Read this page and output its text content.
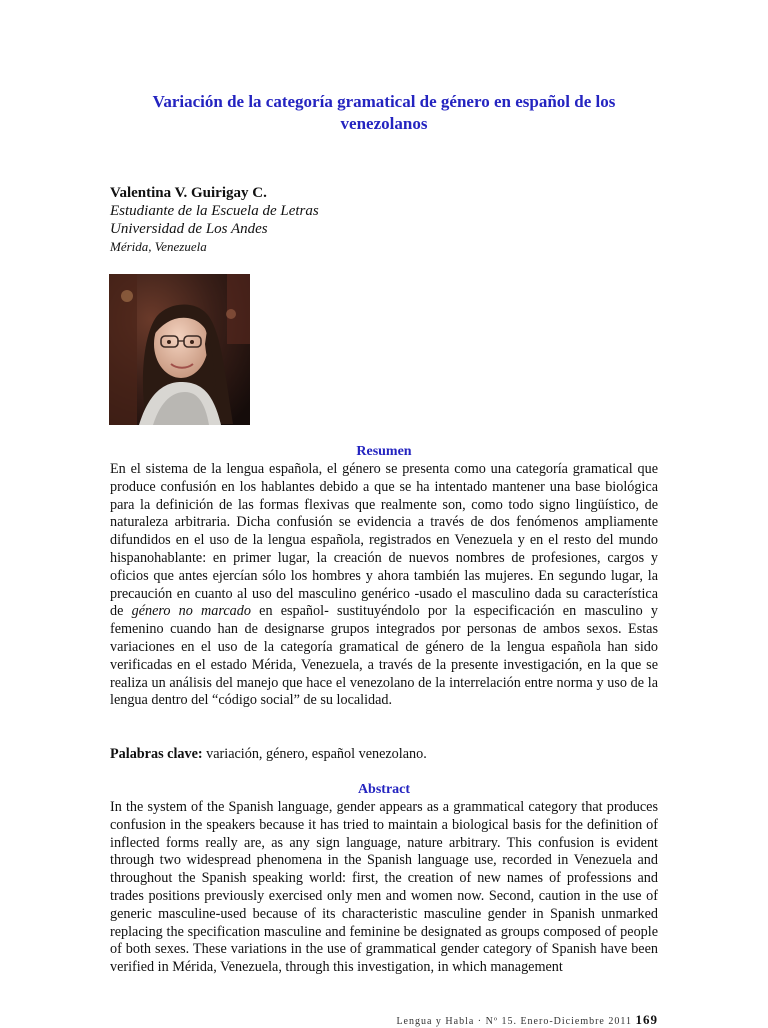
Variación de la categoría gramatical de género en español de los venezolanos
Valentina V. Guirigay C.
Estudiante de la Escuela de Letras
Universidad de Los Andes
Mérida, Venezuela
Resumen
En el sistema de la lengua española, el género se presenta como una categoría gramatical que produce confusión en los hablantes debido a que se ha intentado mantener una base biológica para la definición de las formas flexivas que realmente son, como todo signo lingüístico, de naturaleza arbitraria. Dicha confusión se evidencia a través de dos fenómenos ampliamente difundidos en el uso de la lengua española, registrados en Venezuela y en el resto del mundo hispanohablante: en primer lugar, la creación de nuevos nombres de profesiones, cargos y oficios que antes ejercían sólo los hombres y ahora también las mujeres. En segundo lugar, la precaución en cuanto al uso del masculino genérico -usado el masculino dada su característica de género no marcado en español- sustituyéndolo por la especificación en masculino y femenino cuando han de designarse grupos integrados por personas de ambos sexos. Estas variaciones en el uso de la categoría gramatical de género de la lengua española han sido verificadas en el estado Mérida, Venezuela, a través de la presente investigación, en la que se realiza un análisis del manejo que hace el venezolano de la interrelación entre norma y uso de la lengua dentro del “código social” de su localidad.
Palabras clave: variación, género, español venezolano.
Abstract
In the system of the Spanish language, gender appears as a grammatical category that produces confusion in the speakers because it has tried to maintain a biological basis for the definition of inflected forms really are, as any sign language, nature arbitrary. This confusion is evident through two widespread phenomena in the Spanish language use, recorded in Venezuela and throughout the Spanish speaking world: first, the creation of new names of professions and trades positions previously exercised only men and women now. Second, caution in the use of generic masculine-used because of its characteristic masculine gender in Spanish unmarked replacing the specification masculine and feminine be designated as groups composed of people of both sexes. These variations in the use of grammatical gender category of Spanish have been verified in Mérida, Venezuela, through this investigation, in which management
Lengua y Habla · Nº 15. Enero-Diciembre 2011 169
